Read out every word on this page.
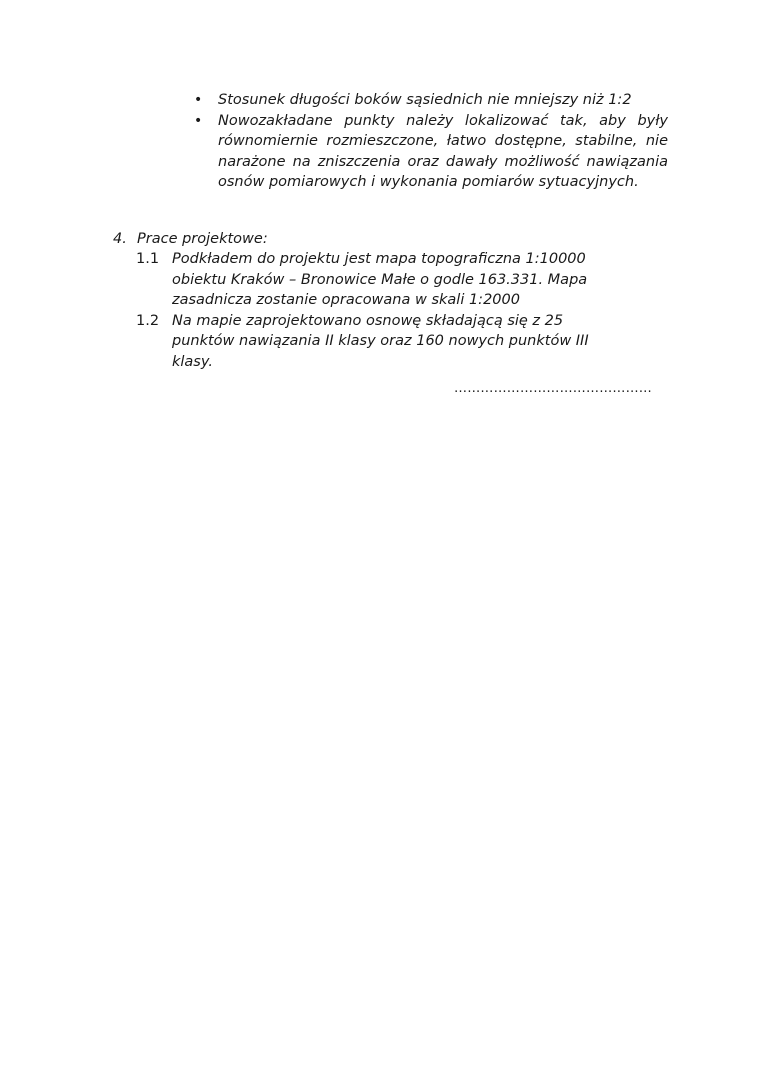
• Stosunek długości boków sąsiednich nie mniejszy niż 1:2
• Nowozakładane punkty należy lokalizować tak, aby były równomiernie rozmieszczone, łatwo dostępne, stabilne, nie narażone na zniszczenia oraz dawały możliwość nawiązania osnów pomiarowych i wykonania pomiarów sytuacyjnych.
4. Prace projektowe:
1.1 Podkładem do projektu jest mapa topograficzna 1:10000 obiektu Kraków – Bronowice Małe o godle 163.331. Mapa zasadnicza zostanie opracowana w skali 1:2000
1.2 Na mapie zaprojektowano osnowę składającą się z 25 punktów nawiązania II klasy oraz 160 nowych punktów III klasy.
………………………………………
